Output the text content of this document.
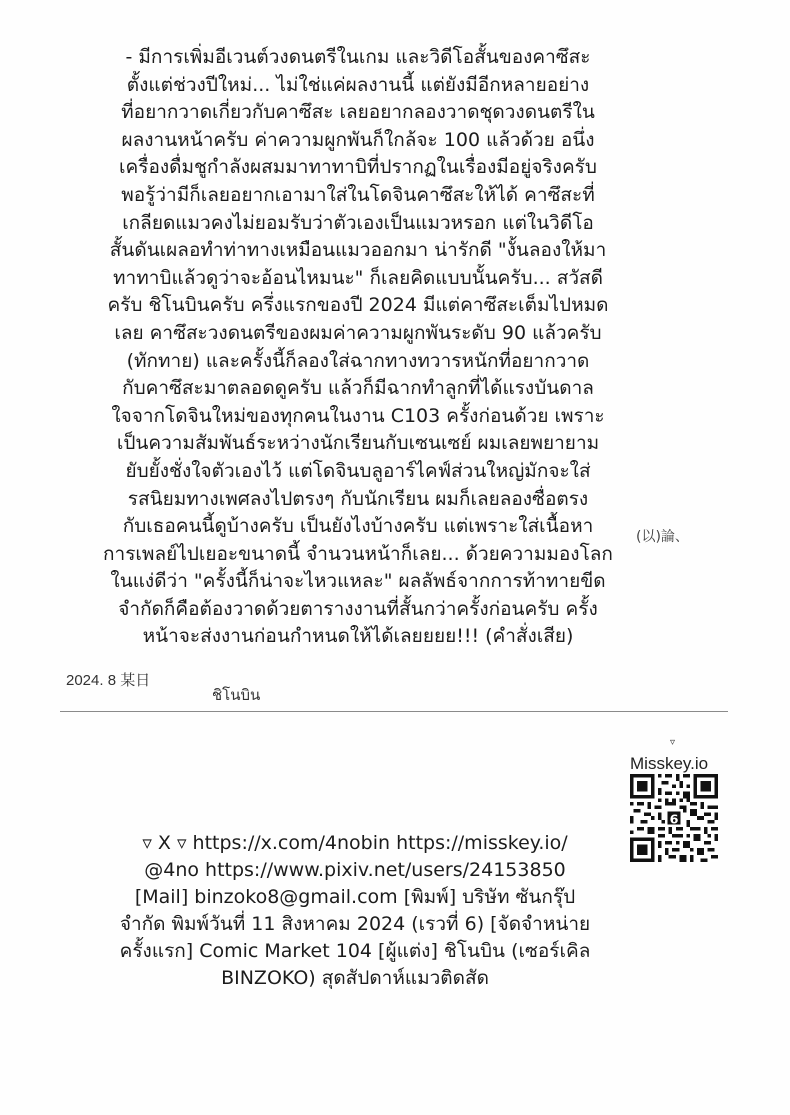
- มีการเพิ่มอีเวนต์วงดนตรีในเกม และวิดีโอสั้นของคาซึสะ
ตั้งแต่ช่วงปีใหม่... ไม่ใช่แค่ผลงานนี้ แต่ยังมีอีกหลายอย่าง
ที่อยากวาดเกี่ยวกับคาซึสะ เลยอยากลองวาดชุดวงดนตรีใน
ผลงานหน้าครับ ค่าความผูกพันก็ใกล้จะ 100 แล้วด้วย อนึ่ง
เครื่องดื่มชูกำลังผสมมาทาทาบิที่ปรากฏในเรื่องมีอยู่จริงครับ
พอรู้ว่ามีก็เลยอยากเอามาใส่ในโดจินคาซึสะให้ได้ คาซึสะที่
เกลียดแมวคงไม่ยอมรับว่าตัวเองเป็นแมวหรอก แต่ในวิดีโอ
สั้นดันเผลอทำท่าทางเหมือนแมวออกมา น่ารักดี "งั้นลองให้มา
ทาทาบิแล้วดูว่าจะอ้อนไหมนะ" ก็เลยคิดแบบนั้นครับ... สวัสดี
ครับ ชิโนบินครับ ครึ่งแรกของปี 2024 มีแต่คาซึสะเต็มไปหมด
เลย คาซึสะวงดนตรีของผมค่าความผูกพันระดับ 90 แล้วครับ
(ทักทาย) และครั้งนี้ก็ลองใส่ฉากทางทวารหนักที่อยากวาด
กับคาซึสะมาตลอดดูครับ แล้วก็มีฉากทำลูกที่ได้แรงบันดาล
ใจจากโดจินใหม่ของทุกคนในงาน C103 ครั้งก่อนด้วย เพราะ
เป็นความสัมพันธ์ระหว่างนักเรียนกับเซนเซย์ ผมเลยพยายาม
ยับยั้งชั่งใจตัวเองไว้ แต่โดจินบลูอาร์ไคฟ์ส่วนใหญ่มักจะใส่
รสนิยมทางเพศลงไปตรงๆ กับนักเรียน ผมก็เลยลองซื่อตรง
กับเธอคนนี้ดูบ้างครับ เป็นยังไงบ้างครับ แต่เพราะใส่เนื้อหา
การเพลย์ไปเยอะขนาดนี้ จำนวนหน้าก็เลย... ด้วยความมองโลก
ในแง่ดีว่า "ครั้งนี้ก็น่าจะไหวแหละ" ผลลัพธ์จากการท้าทายขีด
จำกัดก็คือต้องวาดด้วยตารางงานที่สั้นกว่าครั้งก่อนครับ ครั้ง
หน้าจะส่งงานก่อนกำหนดให้ได้เลยยยย!!! (คำสั่งเสีย)
(以)論、
2024. 8 某日
ชิโนบิน
▿
Misskey.io
6
▿ X ▿ https://x.com/4nobin https://misskey.io/
@4no https://www.pixiv.net/users/24153850
[Mail] binzoko8@gmail.com [พิมพ์] บริษัท ซันกรุ๊ป
จำกัด พิมพ์วันที่ 11 สิงหาคม 2024 (เรวที่ 6) [จัดจำหน่าย
ครั้งแรก] Comic Market 104 [ผู้แต่ง] ชิโนบิน (เซอร์เคิล
BINZOKO) สุดสัปดาห์แมวติดสัด
